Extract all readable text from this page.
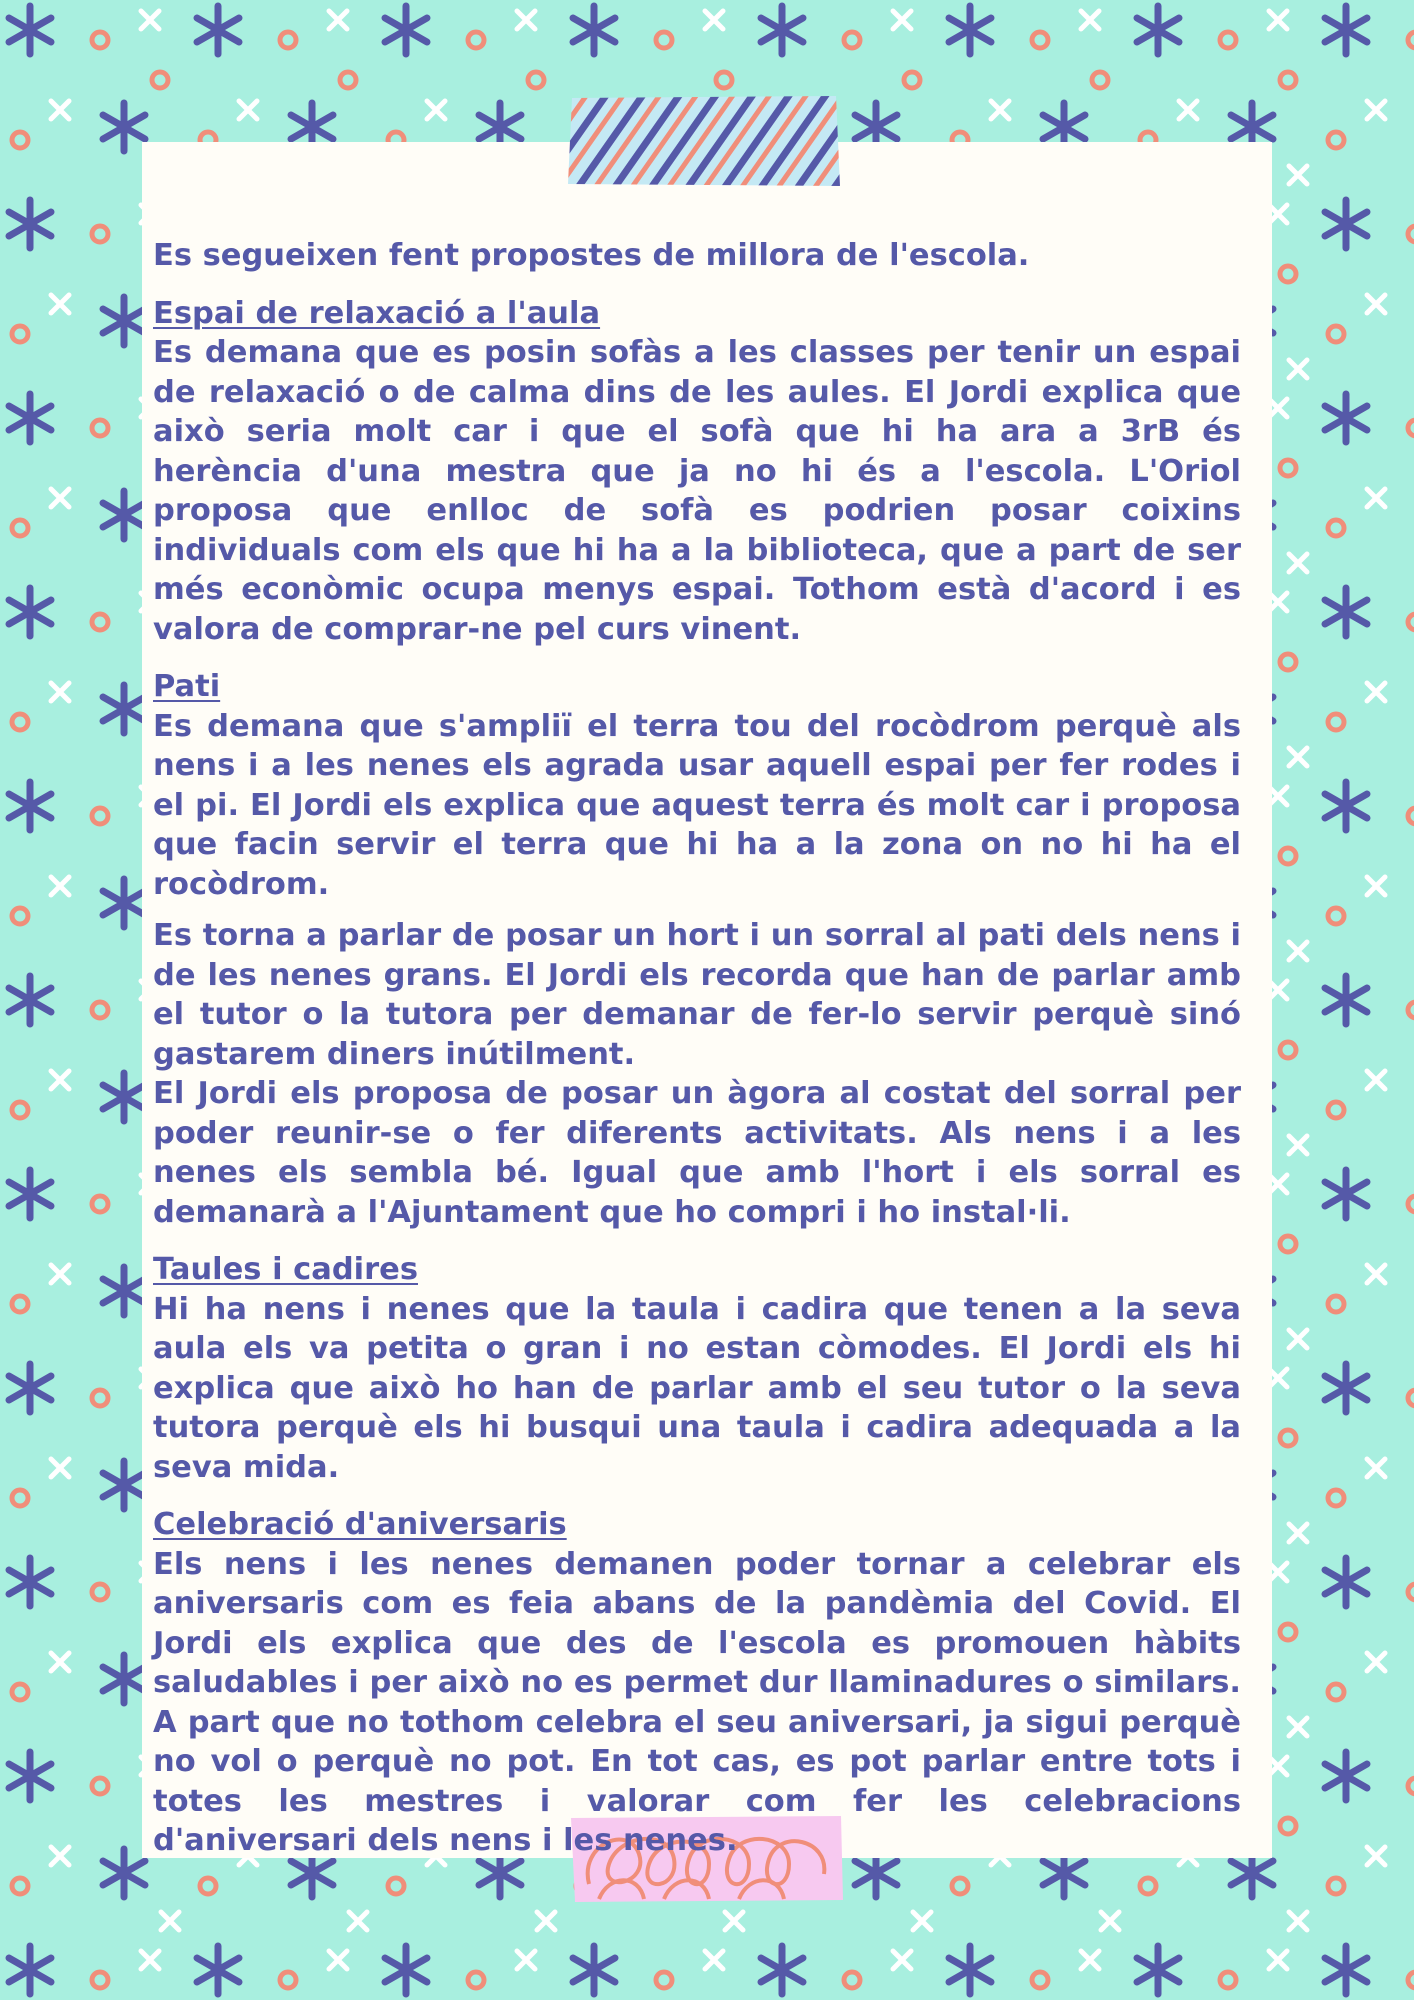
Es segueixen fent propostes de millora de l'escola.

Espai de relaxació a l'aula

Es demana que es posin sofàs a les classes per tenir un espai de relaxació o de calma dins de les aules. El Jordi explica que això seria molt car i que el sofà que hi ha ara a 3rB és herència d'una mestra que ja no hi és a l'escola. L'Oriol proposa que enlloc de sofà es podrien posar coixins individuals com els que hi ha a la biblioteca, que a part de ser més econòmic ocupa menys espai. Tothom està d'acord i es valora de comprar-ne pel curs vinent.

Pati

Es demana que s'ampliï el terra tou del rocòdrom perquè als nens i a les nenes els agrada usar aquell espai per fer rodes i el pi. El Jordi els explica que aquest terra és molt car i proposa que facin servir el terra que hi ha a la zona on no hi ha el rocòdrom.

Es torna a parlar de posar un hort i un sorral al pati dels nens i de les nenes grans. El Jordi els recorda que han de parlar amb el tutor o la tutora per demanar de fer-lo servir perquè sinó gastarem diners inútilment.

El Jordi els proposa de posar un àgora al costat del sorral per poder reunir-se o fer diferents activitats. Als nens i a les nenes els sembla bé. Igual que amb l'hort i els sorral es demanarà a l'Ajuntament que ho compri i ho instal·li.

Taules i cadires

Hi ha nens i nenes que la taula i cadira que tenen a la seva aula els va petita o gran i no estan còmodes. El Jordi els hi explica que això ho han de parlar amb el seu tutor o la seva tutora perquè els hi busqui una taula i cadira adequada a la seva mida.

Celebració d'aniversaris

Els nens i les nenes demanen poder tornar a celebrar els aniversaris com es feia abans de la pandèmia del Covid. El Jordi els explica que des de l'escola es promouen hàbits saludables i per això no es permet dur llaminadures o similars. A part que no tothom celebra el seu aniversari, ja sigui perquè no vol o perquè no pot. En tot cas, es pot parlar entre tots i totes les mestres i valorar com fer les celebracions d'aniversari dels nens i les nenes.
